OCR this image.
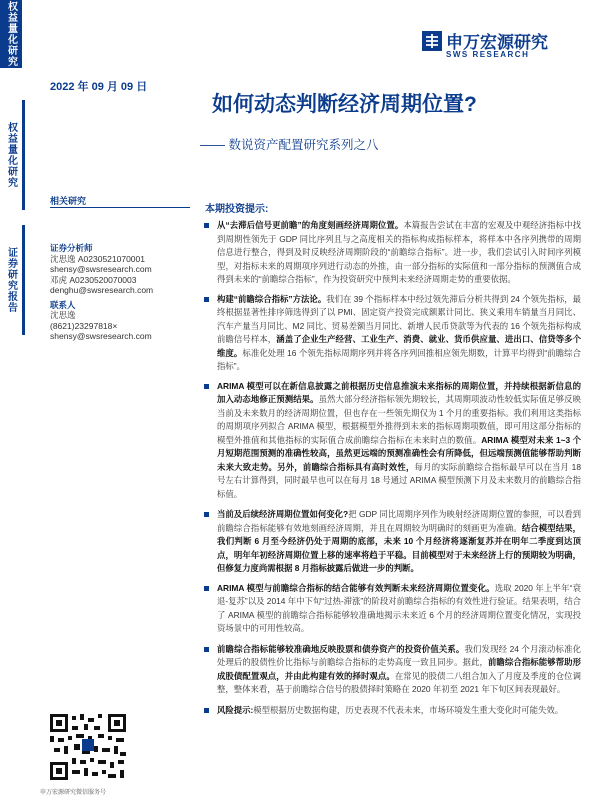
权益量化研究
权益量化研究
证券研究报告
申万宏源研究
SWS RESEARCH
2022 年 09 月 09 日
如何动态判断经济周期位置?
—— 数说资产配置研究系列之八
相关研究
证券分析师
沈思逸 A0230521070001
shensy@swsresearch.com
邓虎 A0230520070003
denghu@swsresearch.com
联系人
沈思逸
(8621)23297818×
shensy@swsresearch.com
申万宏源研究微信服务号
本期投资提示:
从“去滞后信号更前瞻”的角度刻画经济周期位置。本篇报告尝试在丰富的宏观及中观经济指标中找到周期性领先于 GDP 同比序列且与之高度相关的指标构成指标样本，将样本中各序列携带的周期信息进行整合，得到及时反映经济周期阶段的“前瞻综合指标”。进一步，我们尝试引入时间序列模型，对指标未来的周期项序列进行动态的外推，由一部分指标的实际值和一部分指标的预测值合成得到未来的“前瞻综合指标”，作为投资研究中预判未来经济周期走势的重要依据。
构建“前瞻综合指标”方法论。我们在 39 个指标样本中经过领先滞后分析共得到 24 个领先指标，最终根据显著性排序筛选得到了以 PMI、固定资产投资完成额累计同比、狭义乘用车销量当月同比、汽车产量当月同比、M2 同比、贸易差额当月同比、新增人民币贷款等为代表的 16 个领先指标构成前瞻信号样本，涵盖了企业生产经营、工业生产、消费、就业、货币供应量、进出口、信贷等多个维度。标准化处理 16 个领先指标周期序列并将各序列回推相应领先期数，计算平均得到“前瞻综合指标”。
ARIMA 模型可以在新信息披露之前根据历史信息推演未来指标的周期位置，并持续根据新信息的加入动态地修正预测结果。虽然大部分经济指标领先期较长，其周期项波动性较低实际值足够反映当前及未来数月的经济周期位置，但也存在一些领先期仅为 1 个月的重要指标。我们利用这类指标的周期项序列拟合 ARIMA 模型，根据模型外推得到未来的指标周期项数值，即可用这部分指标的模型外推值和其他指标的实际值合成前瞻综合指标在未来时点的数值。ARIMA 模型对未来 1~3 个月短期范围预测的准确性较高，虽然更远端的预测准确性会有所降低，但远端预测值能够帮助判断未来大致走势。另外，前瞻综合指标具有高时效性，每月的实际前瞻综合指标最早可以在当月 18 号左右计算得到，同时最早也可以在每月 18 号通过 ARIMA 模型预测下月及未来数月的前瞻综合指标值。
当前及后续经济周期位置如何变化?把 GDP 同比周期序列作为映射经济周期位置的参照，可以看到前瞻综合指标能够有效地刻画经济周期，并且在周期较为明确时的刻画更为准确。结合模型结果，我们判断 6 月至今经济仍处于周期的底部，未来 10 个月经济将逐渐复苏并在明年二季度到达顶点，明年年初经济周期位置上移的速率将趋于平稳。目前模型对于未来经济上行的预期较为明确，但修复力度尚需根据 8 月指标披露后做进一步的判断。
ARIMA 模型与前瞻综合指标的结合能够有效判断未来经济周期位置变化。选取 2020 年上半年“衰退-复苏”以及 2014 年中下旬“过热-滞涨”的阶段对前瞻综合指标的有效性进行验证。结果表明，结合了 ARIMA 模型的前瞻综合指标能够较准确地揭示未来近 6 个月的经济周期位置变化情况，实现投资场景中的可用性较高。
前瞻综合指标能够较准确地反映股票和债券资产的投资价值关系。我们发现经 24 个月滚动标准化处理后的股债性价比指标与前瞻综合指标的走势高度一致且同步。据此，前瞻综合指标能够帮助形成股债配置观点，并由此构建有效的择时观点。在常见的股债二八组合加入了月度及季度的仓位调整，整体来看，基于前瞻综合信号的股债择时策略在 2020 年初至 2021 年下旬区间表现最好。
风险提示:模型根据历史数据构建，历史表现不代表未来，市场环境发生重大变化时可能失效。
